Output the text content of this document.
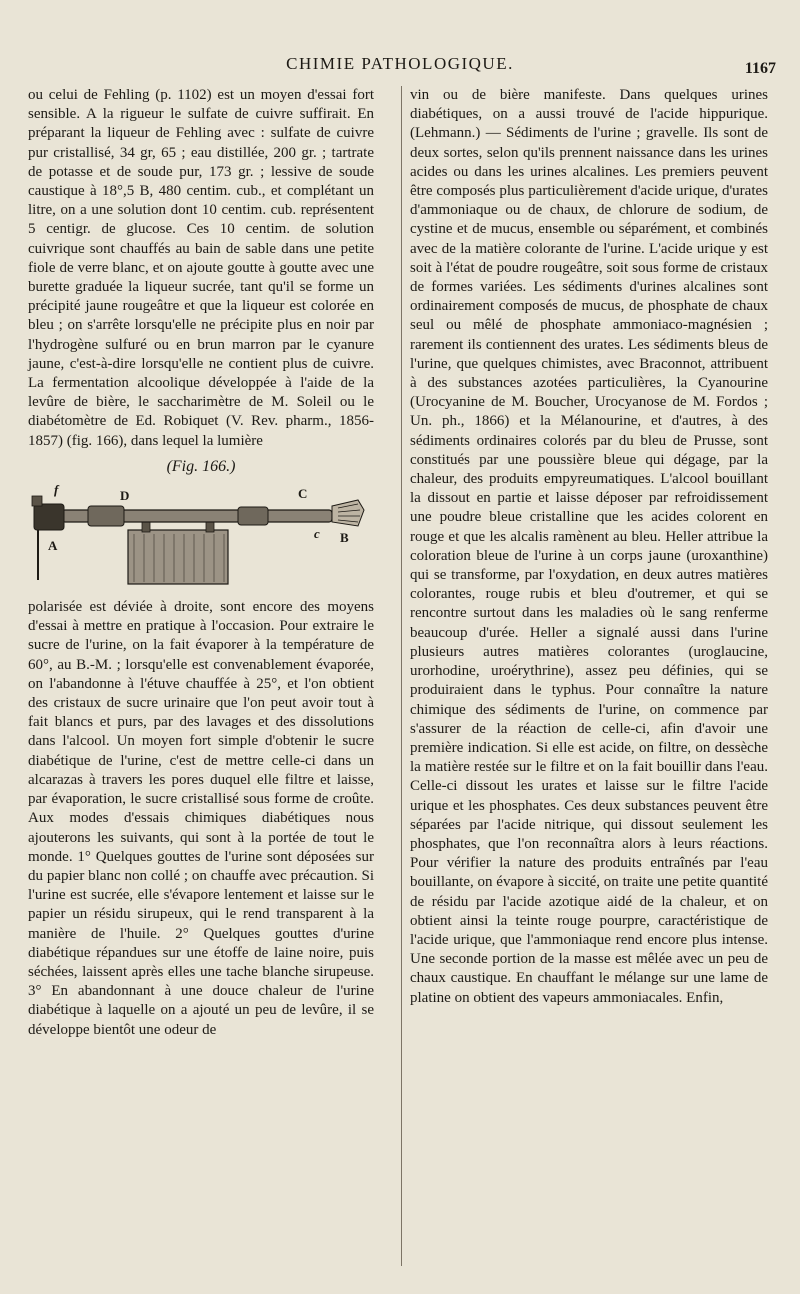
CHIMIE PATHOLOGIQUE.	1167

ou celui de Fehling (p. 1102) est un moyen d'essai fort sensible. A la rigueur le sulfate de cuivre suffirait. En préparant la liqueur de Fehling avec : sulfate de cuivre pur cristallisé, 34 gr, 65 ; eau distillée, 200 gr. ; tartrate de potasse et de soude pur, 173 gr. ; lessive de soude caustique à 18°,5 B, 480 centim. cub., et complétant un litre, on a une solution dont 10 centim. cub. représentent 5 centigr. de glucose. Ces 10 centim. de solution cuivrique sont chauffés au bain de sable dans une petite fiole de verre blanc, et on ajoute goutte à goutte avec une burette graduée la liqueur sucrée, tant qu'il se forme un précipité jaune rougeâtre et que la liqueur est colorée en bleu ; on s'arrête lorsqu'elle ne précipite plus en noir par l'hydrogène sulfuré ou en brun marron par le cyanure jaune, c'est-à-dire lorsqu'elle ne contient plus de cuivre. La fermentation alcoolique développée à l'aide de la levûre de bière, le saccharimètre de M. Soleil ou le diabétomètre de Ed. Robiquet (V. Rev. pharm., 1856-1857) (fig. 166), dans lequel la lumière

(Fig. 166.)
f	D	C
A
c B

polarisée est déviée à droite, sont encore des moyens d'essai à mettre en pratique à l'occasion. Pour extraire le sucre de l'urine, on la fait évaporer à la température de 60°, au B.-M. ; lorsqu'elle est convenablement évaporée, on l'abandonne à l'étuve chauffée à 25°, et l'on obtient des cristaux de sucre urinaire que l'on peut avoir tout à fait blancs et purs, par des lavages et des dissolutions dans l'alcool. Un moyen fort simple d'obtenir le sucre diabétique de l'urine, c'est de mettre celle-ci dans un alcarazas à travers les pores duquel elle filtre et laisse, par évaporation, le sucre cristallisé sous forme de croûte. Aux modes d'essais chimiques diabétiques nous ajouterons les suivants, qui sont à la portée de tout le monde. 1° Quelques gouttes de l'urine sont déposées sur du papier blanc non collé ; on chauffe avec précaution. Si l'urine est sucrée, elle s'évapore lentement et laisse sur le papier un résidu sirupeux, qui le rend transparent à la manière de l'huile. 2° Quelques gouttes d'urine diabétique répandues sur une étoffe de laine noire, puis séchées, laissent après elles une tache blanche sirupeuse. 3° En abandonnant à une douce chaleur de l'urine diabétique à laquelle on a ajouté un peu de levûre, il se développe bientôt une odeur de

vin ou de bière manifeste. Dans quelques urines diabétiques, on a aussi trouvé de l'acide hippurique. (Lehmann.) — Sédiments de l'urine ; gravelle. Ils sont de deux sortes, selon qu'ils prennent naissance dans les urines acides ou dans les urines alcalines. Les premiers peuvent être composés plus particulièrement d'acide urique, d'urates d'ammoniaque ou de chaux, de chlorure de sodium, de cystine et de mucus, ensemble ou séparément, et combinés avec de la matière colorante de l'urine. L'acide urique y est soit à l'état de poudre rougeâtre, soit sous forme de cristaux de formes variées. Les sédiments d'urines alcalines sont ordinairement composés de mucus, de phosphate de chaux seul ou mêlé de phosphate ammoniaco-magnésien ; rarement ils contiennent des urates. Les sédiments bleus de l'urine, que quelques chimistes, avec Braconnot, attribuent à des substances azotées particulières, la Cyanourine (Urocyanine de M. Boucher, Urocyanose de M. Fordos ; Un. ph., 1866) et la Mélanourine, et d'autres, à des sédiments ordinaires colorés par du bleu de Prusse, sont constitués par une poussière bleue qui dégage, par la chaleur, des produits empyreumatiques. L'alcool bouillant la dissout en partie et laisse déposer par refroidissement une poudre bleue cristalline que les acides colorent en rouge et que les alcalis ramènent au bleu. Heller attribue la coloration bleue de l'urine à un corps jaune (uroxanthine) qui se transforme, par l'oxydation, en deux autres matières colorantes, rouge rubis et bleu d'outremer, et qui se rencontre surtout dans les maladies où le sang renferme beaucoup d'urée. Heller a signalé aussi dans l'urine plusieurs autres matières colorantes (uroglaucine, urorhodine, uroérythrine), assez peu définies, qui se produiraient dans le typhus. Pour connaître la nature chimique des sédiments de l'urine, on commence par s'assurer de la réaction de celle-ci, afin d'avoir une première indication. Si elle est acide, on filtre, on dessèche la matière restée sur le filtre et on la fait bouillir dans l'eau. Celle-ci dissout les urates et laisse sur le filtre l'acide urique et les phosphates. Ces deux substances peuvent être séparées par l'acide nitrique, qui dissout seulement les phosphates, que l'on reconnaîtra alors à leurs réactions. Pour vérifier la nature des produits entraînés par l'eau bouillante, on évapore à siccité, on traite une petite quantité de résidu par l'acide azotique aidé de la chaleur, et on obtient ainsi la teinte rouge pourpre, caractéristique de l'acide urique, que l'ammoniaque rend encore plus intense. Une seconde portion de la masse est mêlée avec un peu de chaux caustique. En chauffant le mélange sur une lame de platine on obtient des vapeurs ammoniacales. Enfin,
